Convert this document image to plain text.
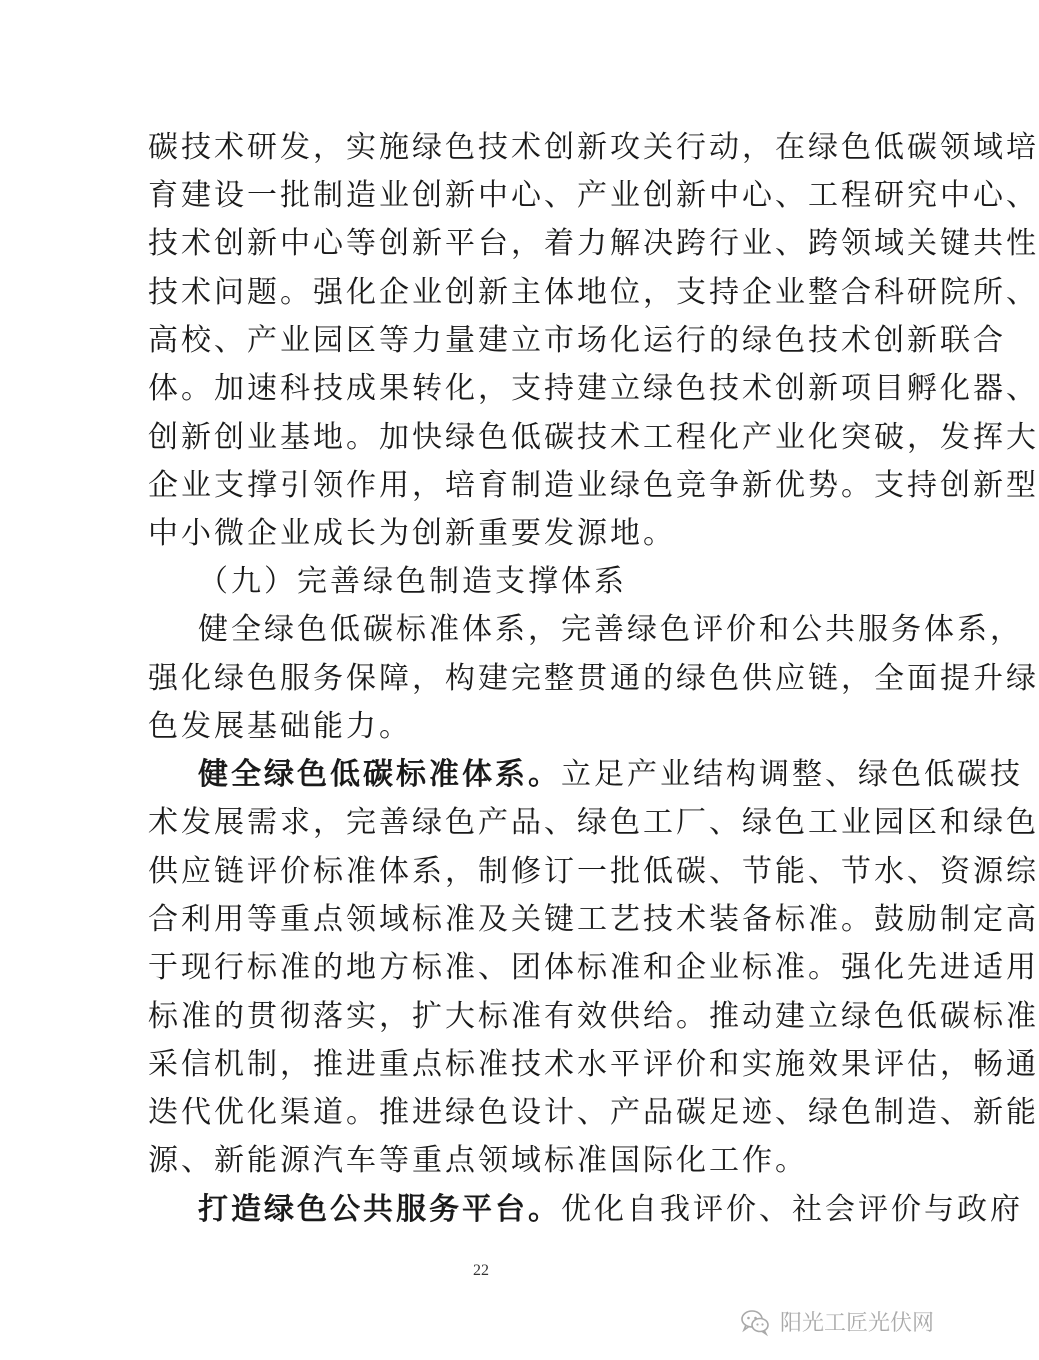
碳技术研发，实施绿色技术创新攻关行动，在绿色低碳领域培
育建设一批制造业创新中心、产业创新中心、工程研究中心、
技术创新中心等创新平台，着力解决跨行业、跨领域关键共性
技术问题。强化企业创新主体地位，支持企业整合科研院所、
高校、产业园区等力量建立市场化运行的绿色技术创新联合
体。加速科技成果转化，支持建立绿色技术创新项目孵化器、
创新创业基地。加快绿色低碳技术工程化产业化突破，发挥大
企业支撑引领作用，培育制造业绿色竞争新优势。支持创新型
中小微企业成长为创新重要发源地。
（九）完善绿色制造支撑体系
健全绿色低碳标准体系，完善绿色评价和公共服务体系，
强化绿色服务保障，构建完整贯通的绿色供应链，全面提升绿
色发展基础能力。
健全绿色低碳标准体系。立足产业结构调整、绿色低碳技
术发展需求，完善绿色产品、绿色工厂、绿色工业园区和绿色
供应链评价标准体系，制修订一批低碳、节能、节水、资源综
合利用等重点领域标准及关键工艺技术装备标准。鼓励制定高
于现行标准的地方标准、团体标准和企业标准。强化先进适用
标准的贯彻落实，扩大标准有效供给。推动建立绿色低碳标准
采信机制，推进重点标准技术水平评价和实施效果评估，畅通
迭代优化渠道。推进绿色设计、产品碳足迹、绿色制造、新能
源、新能源汽车等重点领域标准国际化工作。
打造绿色公共服务平台。优化自我评价、社会评价与政府
22
阳光工匠光伏网
